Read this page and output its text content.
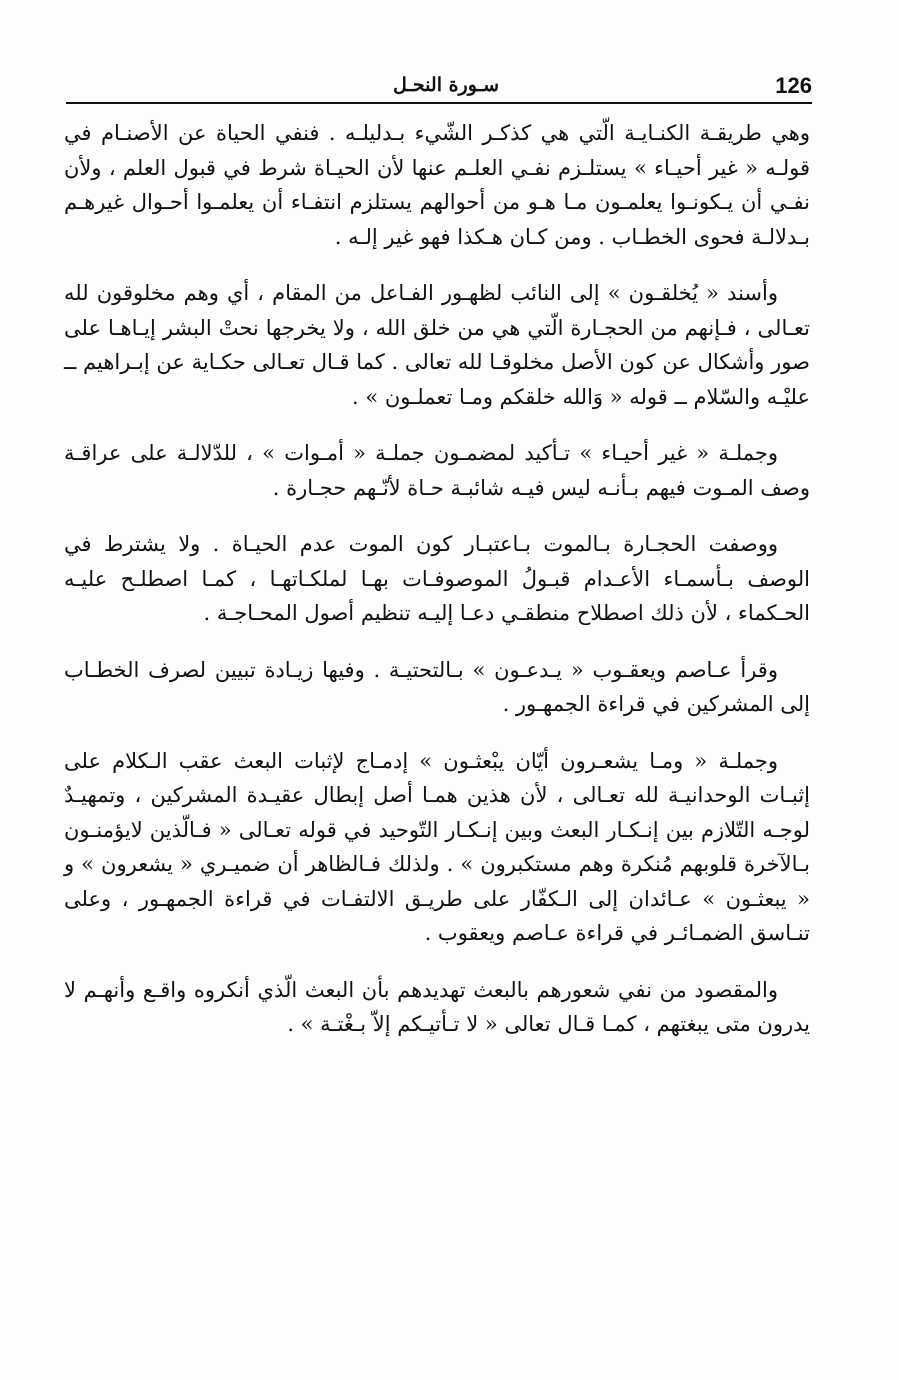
سـورة النحـل	126

وهي طريقـة الكنـايـة الّتي هي كذكـر الشّيء بـدليلـه . فنفي الحياة عن الأصنـام في قولـه « غير أحيـاء » يستلـزم نفـي العلـم عنها لأن الحيـاة شرط في قبول العلم ، ولأن نفـي أن يـكونـوا يعلمـون مـا هـو من أحوالهم يستلزم انتفـاء أن يعلمـوا أحـوال غيرهـم بـدلالـة فحوى الخطـاب . ومن كـان هـكذا فهو غير إلـه .

وأسند « يُخلقـون » إلى النائب لظهـور الفـاعل من المقام ، أي وهم مخلوقون لله تعـالى ، فـإنهم من الحجـارة الّتي هي من خلق الله ، ولا يخرجها نحتْ البشر إيـاهـا على صور وأشكال عن كون الأصل مخلوقـا لله تعالى . كما قـال تعـالى حكـاية عن إبـراهيم ــ عليْـه والسّلام ــ قوله « وَالله خلقكم ومـا تعملـون » .

وجملـة « غير أحيـاء » تـأكيد لمضمـون جملـة « أمـوات » ، للدّلالـة على عراقـة وصف المـوت فيهم بـأنـه ليس فيـه شائبـة حـاة لأنّـهم حجـارة .

ووصفت الحجـارة بـالموت بـاعتبـار كون الموت عدم الحيـاة . ولا يشترط في الوصف بـأسمـاء الأعـدام قبـولُ الموصوفـات بهـا لملكـاتهـا ، كمـا اصطلـح عليـه الحـكماء ، لأن ذلك اصطلاح منطقـي دعـا إليـه تنظيم أصول المحـاجـة .

وقرأ عـاصم ويعقـوب « يـدعـون » بـالتحتيـة . وفيها زيـادة تبيين لصرف الخطـاب إلى المشركين في قراءة الجمهـور .

وجملـة « ومـا يشعـرون أيّان يبْعثـون » إدمـاج لإثبات البعث عقب الـكلام على إثبـات الوحدانيـة لله تعـالى ، لأن هذين همـا أصل إبطال عقيـدة المشركين ، وتمهيـدٌ لوجـه التّلازم بين إنـكـار البعث وبين إنـكـار التّوحيد في قوله تعـالى « فـالّذين لايؤمنـون بـالآخرة قلوبهم مُنكرة وهم مستكبرون » . ولذلك فـالظاهر أن ضميـري « يشعرون » و « يبعثـون » عـائدان إلى الـكفّار على طريـق الالتفـات في قراءة الجمهـور ، وعلى تنـاسق الضمـائـر في قراءة عـاصم ويعقوب .

والمقصود من نفي شعورهم بالبعث تهديدهم بأن البعث الّذي أنكروه واقـع وأنهـم لا يدرون متى يبغتهم ، كمـا قـال تعالى « لا تـأتيـكم إلاّ بـغْتـة » .
